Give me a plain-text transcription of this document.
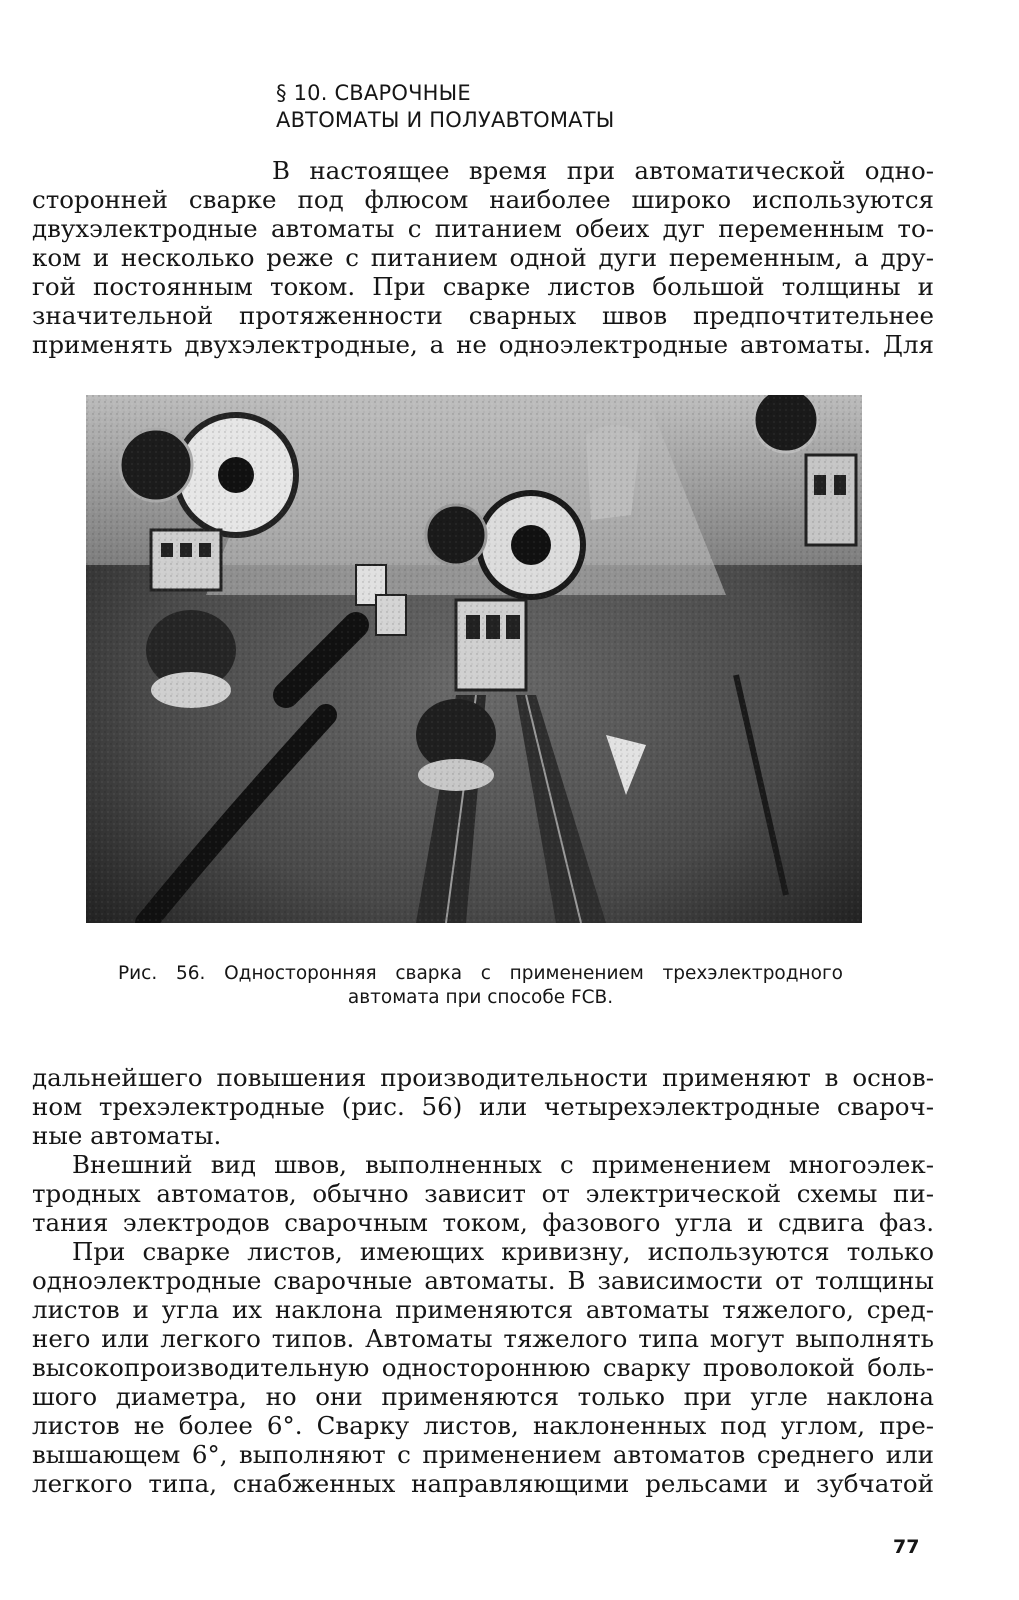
§ 10. СВАРОЧНЫЕ
АВТОМАТЫ И ПОЛУАВТОМАТЫ
В настоящее время при автоматической одно-
сторонней сварке под флюсом наиболее широко используются
двухэлектродные автоматы с питанием обеих дуг переменным то-
ком и несколько реже с питанием одной дуги переменным, а дру-
гой постоянным током. При сварке листов большой толщины и
значительной протяженности сварных швов предпочтительнее
применять двухэлектродные, а не одноэлектродные автоматы. Для
Рис. 56. Односторонняя сварка с применением трехэлектродного
автомата при способе FCB.
дальнейшего повышения производительности применяют в основ-
ном трехэлектродные (рис. 56) или четырехэлектродные свароч-
ные автоматы.
Внешний вид швов, выполненных с применением многоэлек-
тродных автоматов, обычно зависит от электрической схемы пи-
тания электродов сварочным током, фазового угла и сдвига фаз.
При сварке листов, имеющих кривизну, используются только
одноэлектродные сварочные автоматы. В зависимости от толщины
листов и угла их наклона применяются автоматы тяжелого, сред-
него или легкого типов. Автоматы тяжелого типа могут выполнять
высокопроизводительную одностороннюю сварку проволокой боль-
шого диаметра, но они применяются только при угле наклона
листов не более 6°. Сварку листов, наклоненных под углом, пре-
вышающем 6°, выполняют с применением автоматов среднего или
легкого типа, снабженных направляющими рельсами и зубчатой
77
